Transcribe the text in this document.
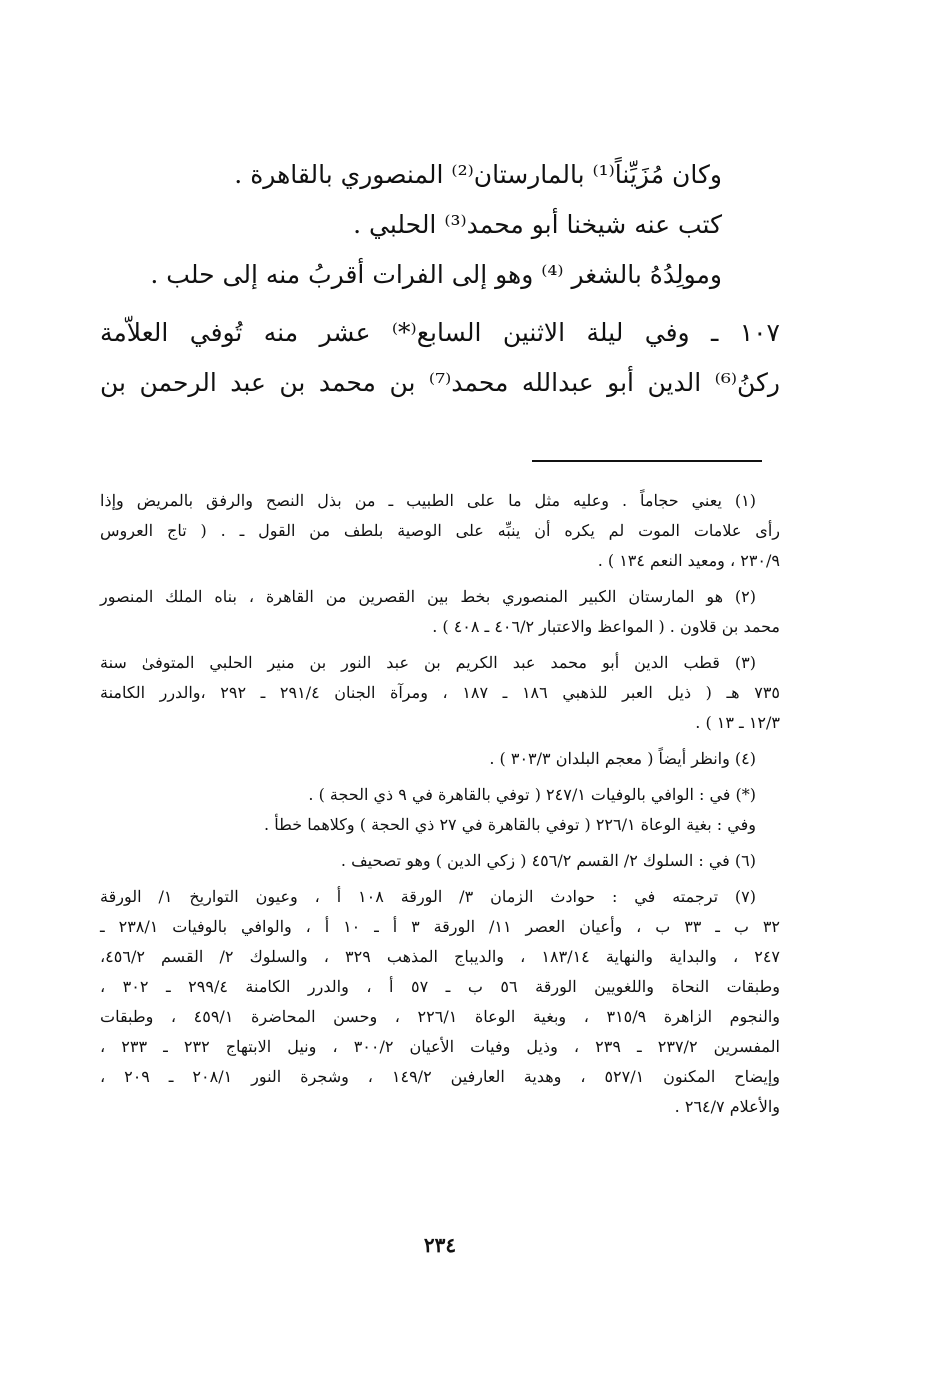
وكان مُزَيِّناً⁽¹⁾ بالمارستان⁽²⁾ المنصوري بالقاهرة .
كتب عنه شيخنا أبو محمد⁽³⁾ الحلبي .
ومولِدُهُ بالشغر ⁽⁴⁾ وهو إلى الفرات أقربُ منه إلى حلب .
١٠٧ ـ وفي ليلة الاثنين السابع⁽*⁾ عشر منه تُوفي العلاّمة
ركنُ⁽⁶⁾ الدين أبو عبدالله محمد⁽⁷⁾ بن محمد بن عبد الرحمن بن
(١) يعني حجاماً . وعليه مثل ما على الطبيب ـ من بذل النصح والرفق بالمريض وإذا
رأى علامات الموت لم يكره أن ينبِّه على الوصية بلطف من القول ـ . ( تاج العروس
٢٣٠/٩ ، ومعيد النعم ١٣٤ ) .
(٢) هو المارستان الكبير المنصوري بخط بين القصرين من القاهرة ، بناه الملك المنصور
محمد بن قلاون . ( المواعظ والاعتبار ٤٠٦/٢ ـ ٤٠٨ ) .
(٣) قطب الدين أبو محمد عبد الكريم بن عبد النور بن منير الحلبي المتوفىٰ سنة
٧٣٥ هـ ( ذيل العبر للذهبي ١٨٦ ـ ١٨٧ ، ومرآة الجنان ٢٩١/٤ ـ ٢٩٢ ،والدرر الكامنة
١٢/٣ ـ ١٣ ) .
(٤) وانظر أيضاً ( معجم البلدان ٣٠٣/٣ ) .
(*) في : الوافي بالوفيات ٢٤٧/١ ( توفي بالقاهرة في ٩ ذي الحجة ) .
وفي : بغية الوعاة ٢٢٦/١ ( توفي بالقاهرة في ٢٧ ذي الحجة ) وكلاهما خطأ .
(٦) في : السلوك ٢/ القسم ٤٥٦/٢ ( زكي الدين ) وهو تصحيف .
(٧) ترجمته في : حوادث الزمان ٣/ الورقة ١٠٨ أ ، وعيون التواريخ ١/ الورقة
٣٢ ب ـ ٣٣ ب ، وأعيان العصر ١١/ الورقة ٣ أ ـ ١٠ أ ، والوافي بالوفيات ٢٣٨/١ ـ
٢٤٧ ، والبداية والنهاية ١٨٣/١٤ ، والديباج المذهب ٣٢٩ ، والسلوك ٢/ القسم ٤٥٦/٢،
وطبقات النحاة واللغويين الورقة ٥٦ ب ـ ٥٧ أ ، والدرر الكامنة ٢٩٩/٤ ـ ٣٠٢ ،
والنجوم الزاهرة ٣١٥/٩ ، وبغية الوعاة ٢٢٦/١ ، وحسن المحاضرة ٤٥٩/١ ، وطبقات
المفسرين ٢٣٧/٢ ـ ٢٣٩ ، وذيل وفيات الأعيان ٣٠٠/٢ ، ونيل الابتهاج ٢٣٢ ـ ٢٣٣ ،
وإيضاح المكنون ٥٢٧/١ ، وهدية العارفين ١٤٩/٢ ، وشجرة النور ٢٠٨/١ ـ ٢٠٩ ،
والأعلام ٢٦٤/٧ .
٢٣٤
